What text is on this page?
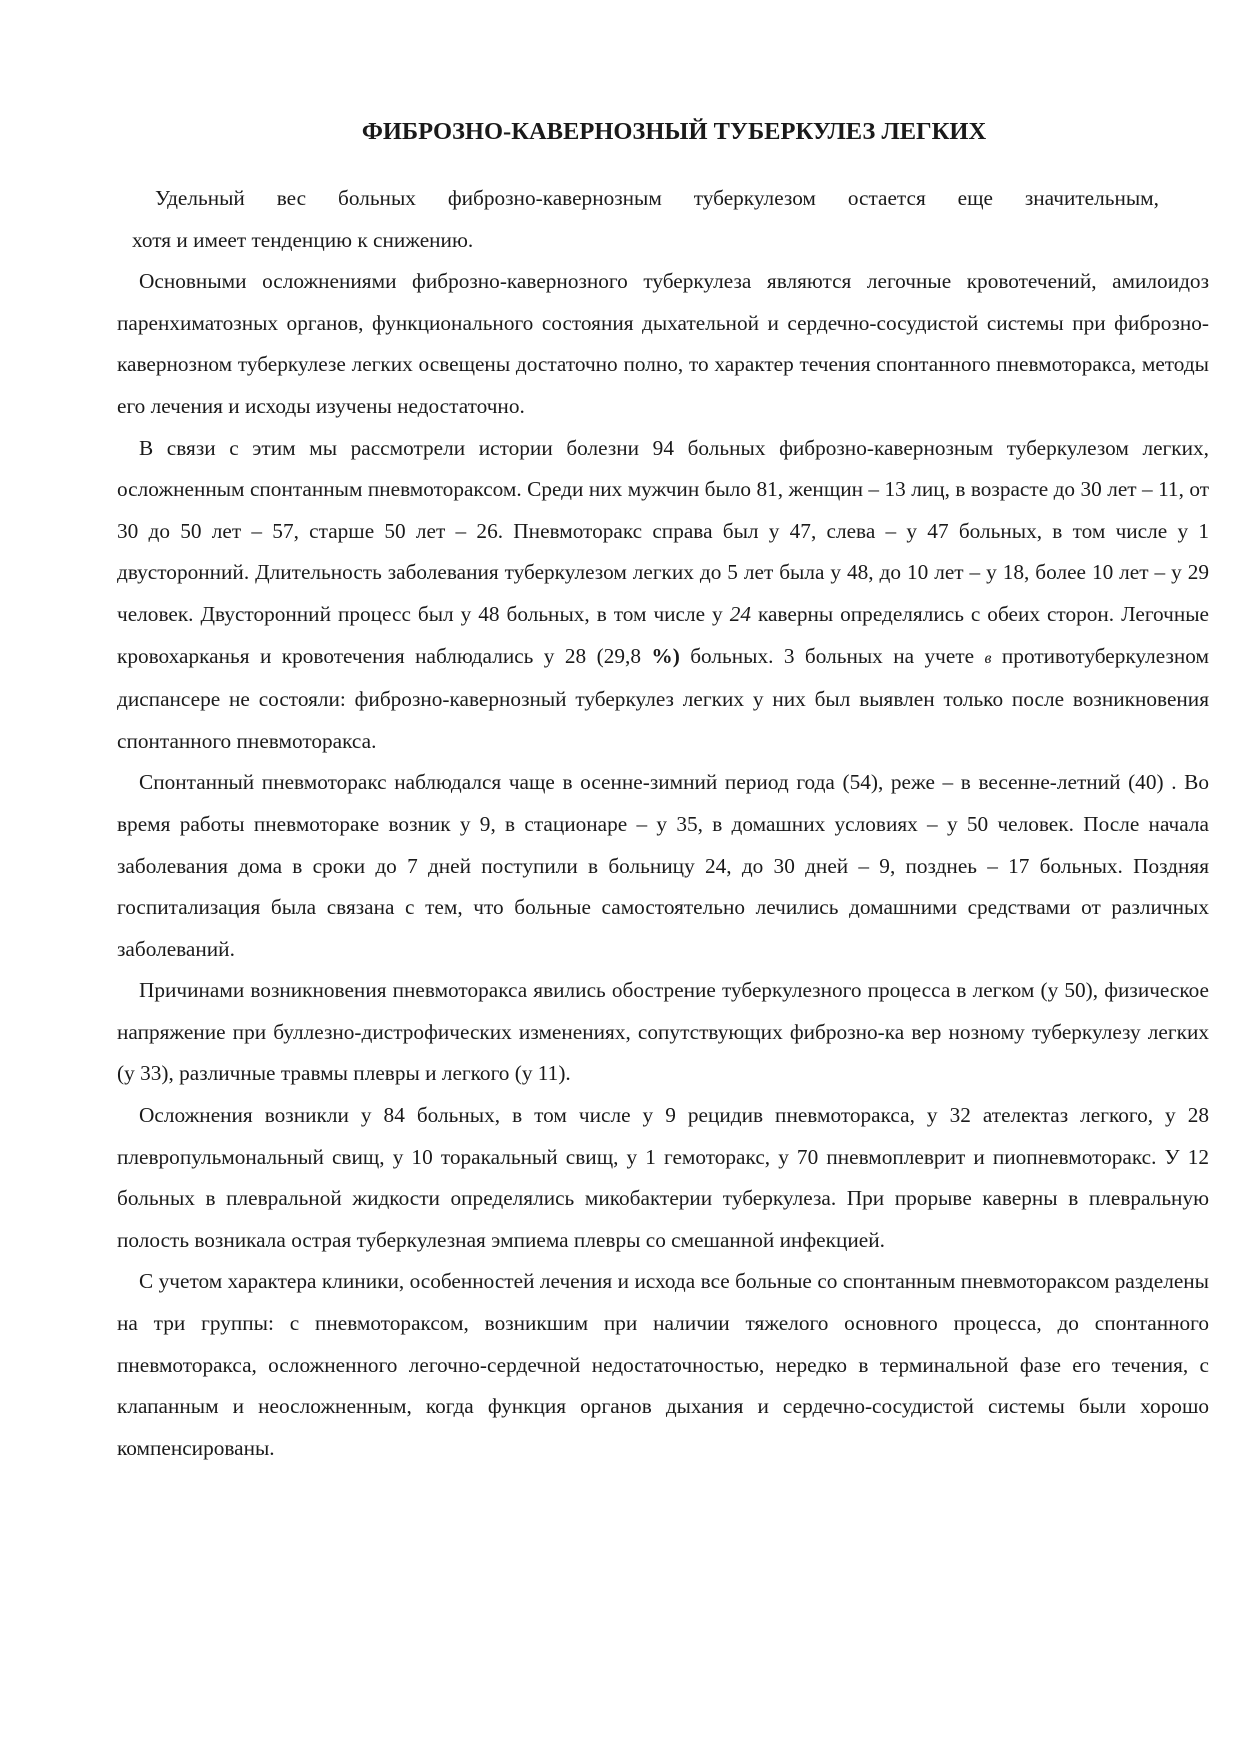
ФИБРОЗНО-КАВЕРНОЗНЫЙ ТУБЕРКУЛЕЗ ЛЕГКИХ

Удельный вес больных фиброзно-кавернозным туберкулезом остается еще значительным,
хотя и имеет тенденцию к снижению.

Основными осложнениями фиброзно-кавернозного туберкулеза являются легочные кровотечений, амилоидоз паренхиматозных органов, функционального состояния дыхательной и сердечно-сосудистой системы при фиброзно-кавернозном туберкулезе легких освещены достаточно полно, то характер течения спонтанного пневмоторакса, методы его лечения и исходы изучены недостаточно.

В связи с этим мы рассмотрели истории болезни 94 больных фиброзно-кавернозным туберкулезом легких, осложненным спонтанным пневмотораксом. Среди них мужчин было 81, женщин – 13 лиц, в возрасте до 30 лет – 11, от 30 до 50 лет – 57, старше 50 лет – 26. Пневмоторакс справа был у 47, слева – у 47 больных, в том числе у 1 двусторонний. Длительность заболевания туберкулезом легких до 5 лет была у 48, до 10 лет – у 18, более 10 лет – у 29 человек. Двусторонний процесс был у 48 больных, в том числе у 24 каверны определялись с обеих сторон. Легочные кровохарканья и кровотечения наблюдались у 28 (29,8 %) больных. 3 больных на учете в противотуберкулезном диспансере не состояли: фиброзно-кавернозный туберкулез легких у них был выявлен только после возникновения спонтанного пневмоторакса.

Спонтанный пневмоторакс наблюдался чаще в осенне-зимний период года (54), реже – в весенне-летний (40) . Во время работы пневмоторакe возник у 9, в стационаре – у 35, в домашних условиях – у 50 человек. После начала заболевания дома в сроки до 7 дней поступили в больницу 24, до 30 дней – 9, позднeь – 17 больных. Поздняя госпитализация была связана с тем, что больные самостоятельно лечились домашними средствами от различных заболеваний.

Причинами возникновения пневмоторакса явились обострение туберкулезного процесса в легком (у 50), физическое напряжение при буллезно-дистрофических изменениях, сопутствующих фиброзно-ка вер нозному туберкулезу легких (у 33), различные травмы плевры и легкого (у 11).

Осложнения возникли у 84 больных, в том числе у 9 рецидив пневмоторакса, у 32 ателектаз легкого, у 28 плевропульмональный свищ, у 10 торакальный свищ, у 1 гемоторакс, у 70 пневмоплеврит и пиопневмоторакс. У 12 больных в плевральной жидкости определялись микобактерии туберкулеза. При прорыве каверны в плевральную полость возникала острая туберкулезная эмпиема плевры со смешанной инфекцией.

С учетом характера клиники, особенностей лечения и исхода все больные со спонтанным пневмотораксом разделены на три группы: с пневмотораксом, возникшим при наличии тяжелого основного процесса, до спонтанного пневмоторакса, осложненного легочно-сердечной недостаточностью, нередко в терминальной фазе его течения, с клапанным и неосложненным, когда функция органов дыхания и сердечно-сосудистой системы были хорошо компенсированы.
